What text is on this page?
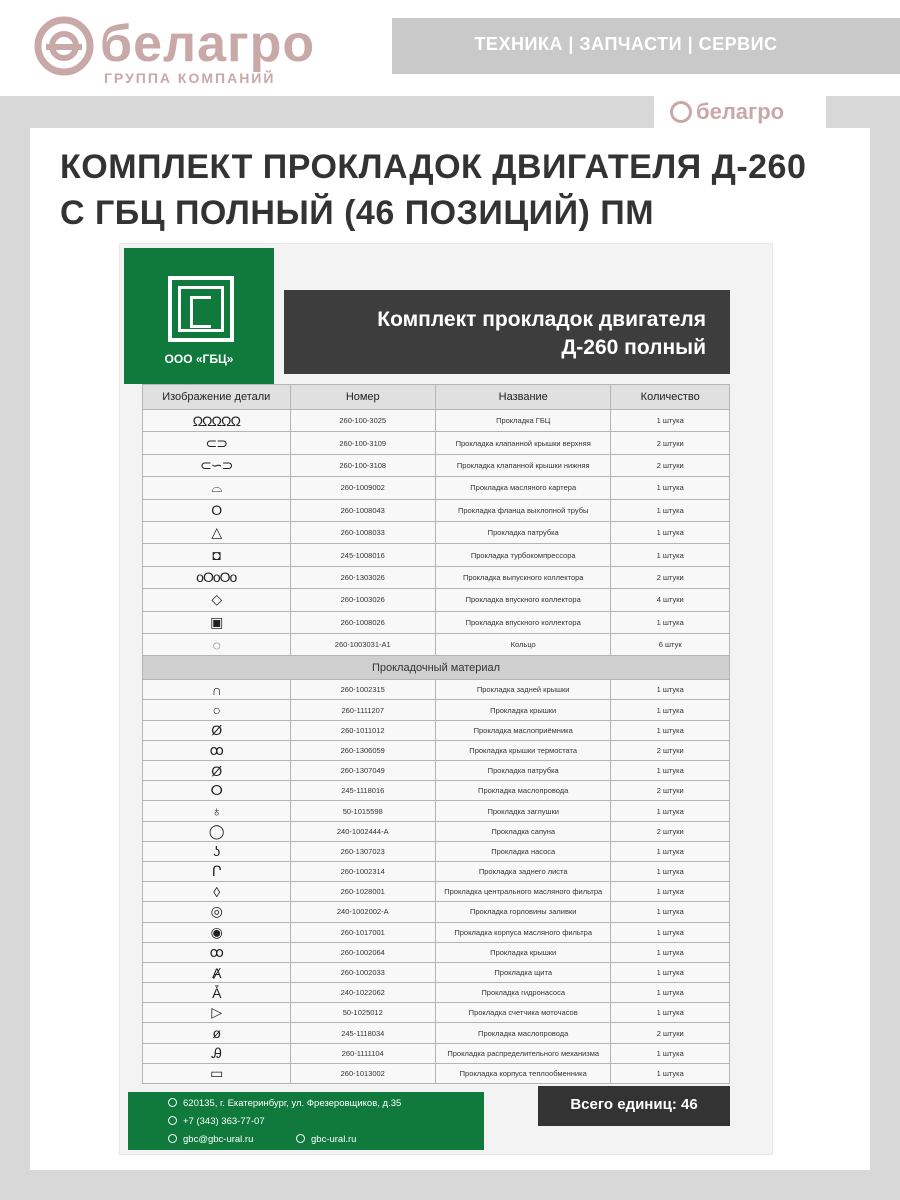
белагро
ГРУППА КОМПАНИЙ
ТЕХНИКА | ЗАПЧАСТИ | СЕРВИС
белагро
КОМПЛЕКТ ПРОКЛАДОК ДВИГАТЕЛЯ Д-260 С ГБЦ ПОЛНЫЙ (46 ПОЗИЦИЙ) ПМ
ООО «ГБЦ»
Комплект прокладок двигателя
Д-260 полный
Изображение детали	Номер	Название	Количество
ΩΩΩΩΩ	260-100-3025	Прокладка ГБЦ	1 штука
⊂⊃	260-100-3109	Прокладка клапанной крышки верхняя	2 штуки
⊂∽⊃	260-100-3108	Прокладка клапанной крышки нижняя	2 штуки
⌓	260-1009002	Прокладка масляного картера	1 штука
O	260-1008043	Прокладка фланца выхлопной трубы	1 штука
△	260-1008033	Прокладка патрубка	1 штука
◘	245-1008016	Прокладка турбокомпрессора	1 штука
oOoOo	260-1303026	Прокладка выпускного коллектора	2 штуки
◇	260-1003026	Прокладка впускного коллектора	4 штуки
▣	260-1008026	Прокладка впускного коллектора	1 штука
◌	260-1003031-А1	Кольцо	6 штук
Прокладочный материал
∩	260-1002315	Прокладка задней крышки	1 штука
○	260-1111207	Прокладка крышки	1 штука
Ø	260-1011012	Прокладка маслоприёмника	1 штука
ꝏ	260-1306059	Прокладка крышки термостата	2 штуки
Ø	260-1307049	Прокладка патрубка	1 штука
ⵔ	245-1118016	Прокладка маслопровода	2 штуки
♁	50-1015598	Прокладка заглушки	1 штука
◯	240-1002444-А	Прокладка сапуна	2 штуки
ʖ	260-1307023	Прокладка насоса	1 штука
Ր	260-1002314	Прокладка заднего листа	1 штука
◊	260-1028001	Прокладка центрального масляного фильтра	1 штука
◎	240-1002002-А	Прокладка горловины заливки	1 штука
◉	260-1017001	Прокладка корпуса масляного фильтра	1 штука
ꝏ	260-1002064	Прокладка крышки	1 штука
Ⱥ	260-1002033	Прокладка щита	1 штука
Ǡ	240-1022062	Прокладка гидронасоса	1 штука
▷	50-1025012	Прокладка счетчика моточасов	1 штука
ø	245-1118034	Прокладка маслопровода	2 штуки
Ꭿ	260-1111104	Прокладка распределительного механизма	1 штука
▭	260-1013002	Прокладка корпуса теплообменника	1 штука
620135, г. Екатеринбург, ул. Фрезеровщиков, д.35
+7 (343) 363-77-07
gbc@gbc-ural.ru	gbc-ural.ru
Всего единиц: 46
